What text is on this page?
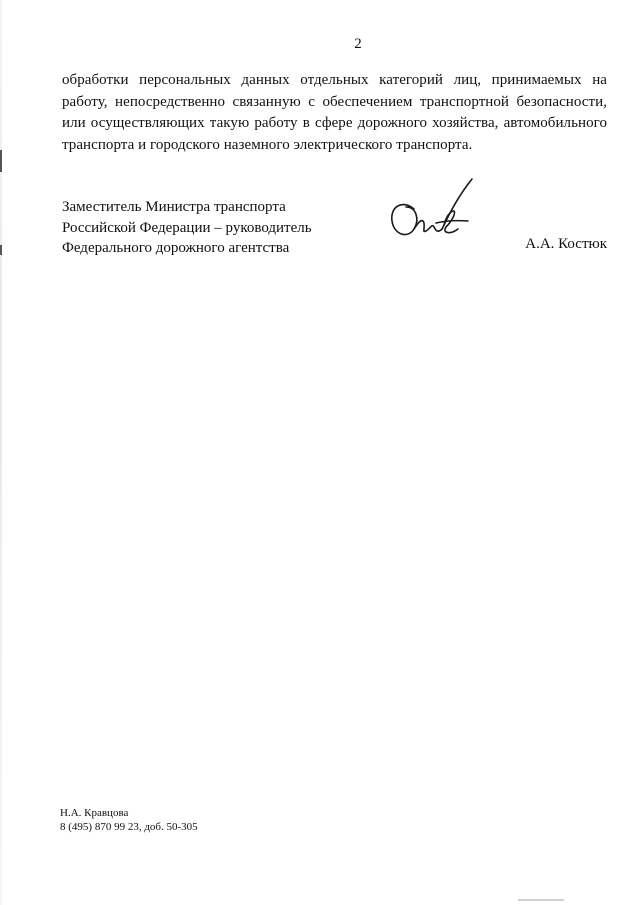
2
обработки персональных данных отдельных категорий лиц, принимаемых на работу, непосредственно связанную с обеспечением транспортной безопасности, или осуществляющих такую работу в сфере дорожного хозяйства, автомобильного транспорта и городского наземного электрического транспорта.
Заместитель Министра транспорта
Российской Федерации – руководитель
Федерального дорожного агентства	А.А. Костюк
Н.А. Кравцова
8 (495) 870 99 23, доб. 50-305
